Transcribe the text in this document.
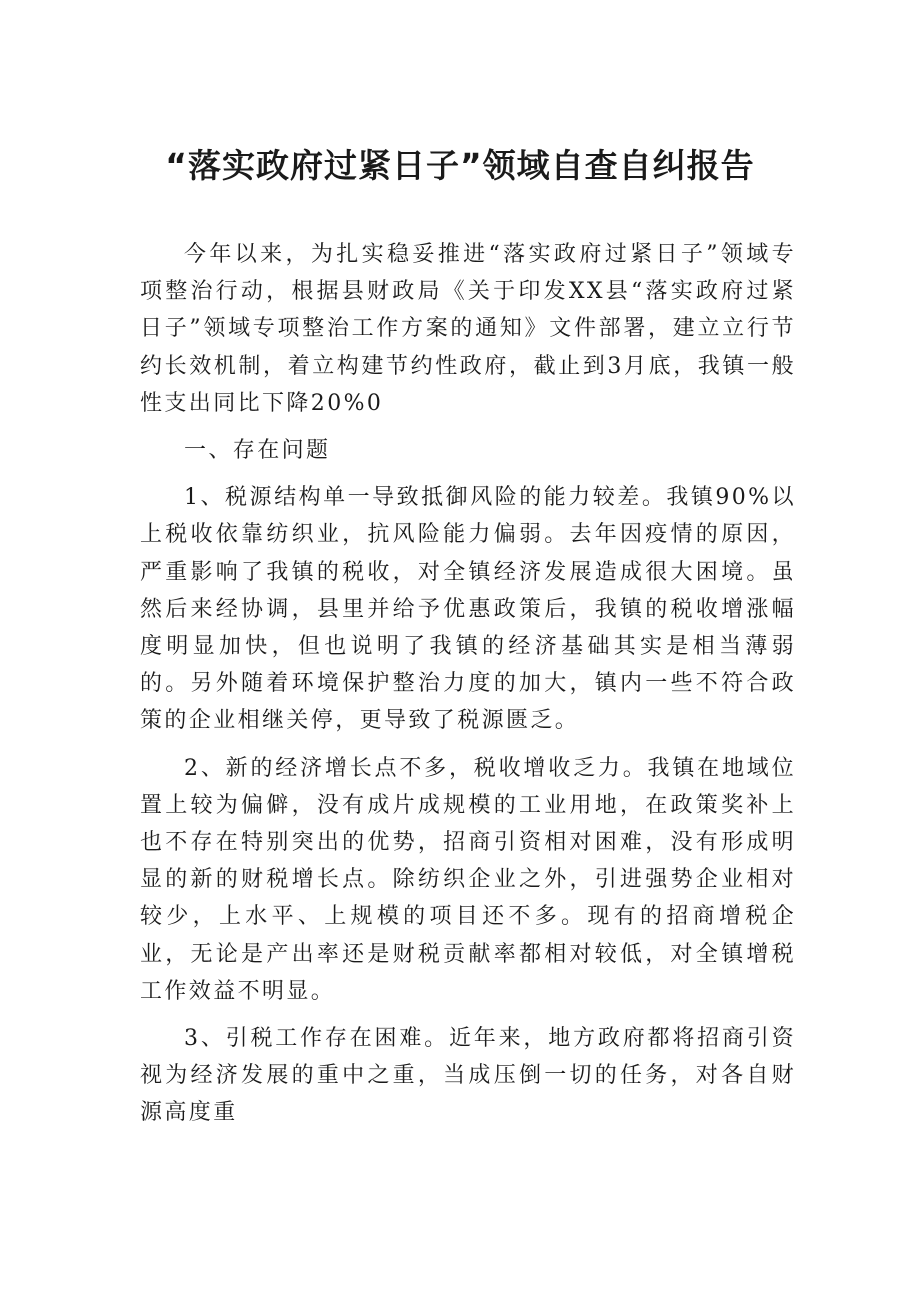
“落实政府过紧日子”领域自查自纠报告

今年以来，为扎实稳妥推进“落实政府过紧日子”领域专项整治行动，根据县财政局《关于印发XX县“落实政府过紧日子”领域专项整治工作方案的通知》文件部署，建立立行节约长效机制，着立构建节约性政府，截止到3月底，我镇一般性支出同比下降20%0

一、存在问题

1、税源结构单一导致抵御风险的能力较差。我镇90%以上税收依靠纺织业，抗风险能力偏弱。去年因疫情的原因，严重影响了我镇的税收，对全镇经济发展造成很大困境。虽然后来经协调，县里并给予优惠政策后，我镇的税收增涨幅度明显加快，但也说明了我镇的经济基础其实是相当薄弱的。另外随着环境保护整治力度的加大，镇内一些不符合政策的企业相继关停，更导致了税源匮乏。

2、新的经济增长点不多，税收增收乏力。我镇在地域位置上较为偏僻，没有成片成规模的工业用地，在政策奖补上也不存在特别突出的优势，招商引资相对困难，没有形成明显的新的财税增长点。除纺织企业之外，引进强势企业相对较少，上水平、上规模的项目还不多。现有的招商增税企业，无论是产出率还是财税贡献率都相对较低，对全镇增税工作效益不明显。

3、引税工作存在困难。近年来，地方政府都将招商引资视为经济发展的重中之重，当成压倒一切的任务，对各自财源高度重
